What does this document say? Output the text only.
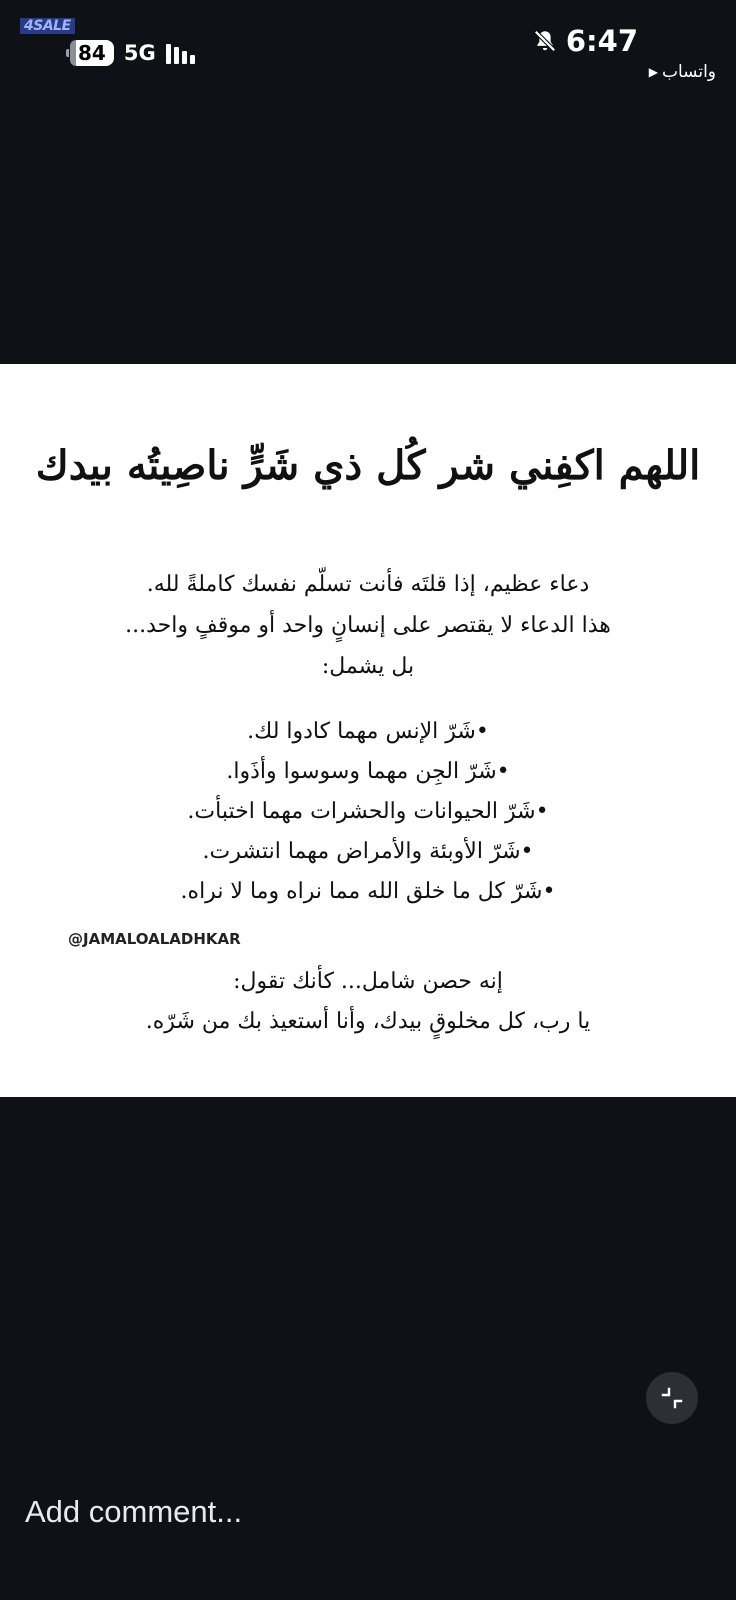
4SALE
84 5G	6:47
▶ واتساب
اللهم اكفِني شر كُل ذي شَرٍّ ناصِيتُه بيدك
دعاء عظيم، إذا قلتَه فأنت تسلّم نفسك كاملةً لله.
هذا الدعاء لا يقتصر على إنسانٍ واحد أو موقفٍ واحد...
بل يشمل:
•شَرّ الإنس مهما كادوا لك.
•شَرّ الجِن مهما وسوسوا وأذَوا.
•شَرّ الحيوانات والحشرات مهما اختبأت.
•شَرّ الأوبئة والأمراض مهما انتشرت.
•شَرّ كل ما خلق الله مما نراه وما لا نراه.
@JAMALOALADHKAR
إنه حصن شامل... كأنك تقول:
يا رب، كل مخلوقٍ بيدك، وأنا أستعيذ بك من شَرّه.
Add comment...
